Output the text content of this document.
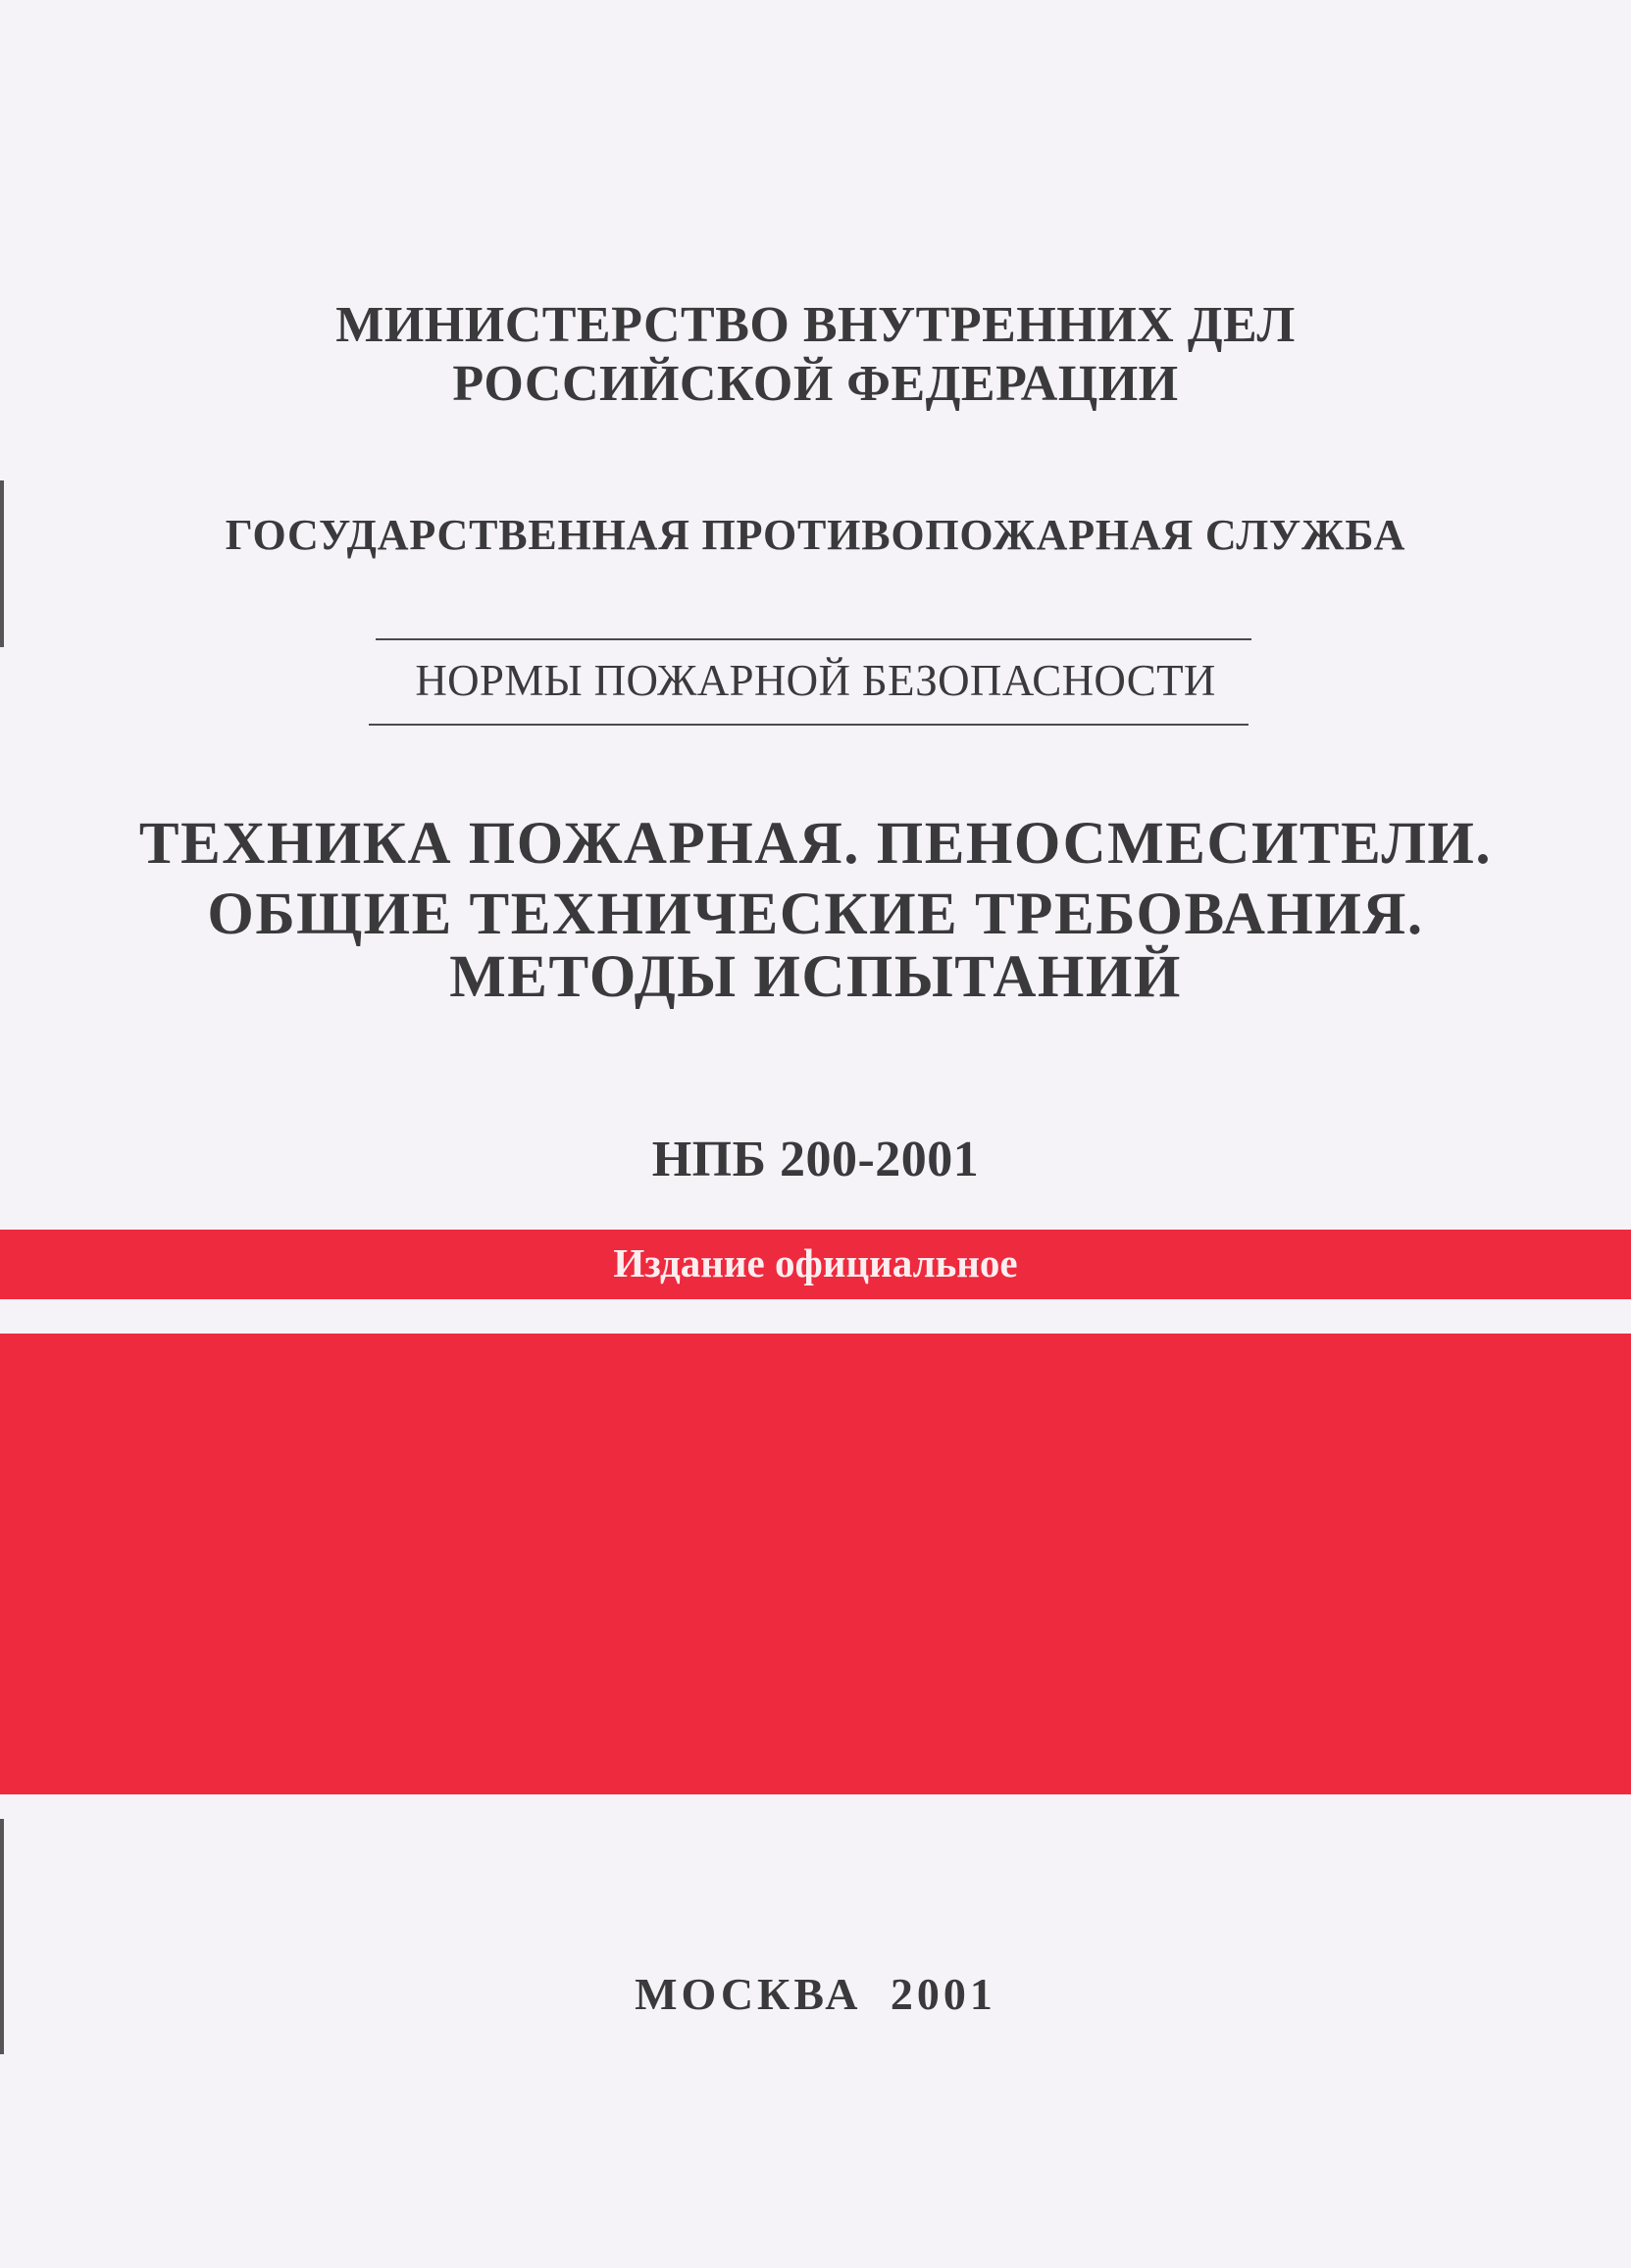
МИНИСТЕРСТВО ВНУТРЕННИХ ДЕЛ
РОССИЙСКОЙ ФЕДЕРАЦИИ
ГОСУДАРСТВЕННАЯ ПРОТИВОПОЖАРНАЯ СЛУЖБА
НОРМЫ ПОЖАРНОЙ БЕЗОПАСНОСТИ
ТЕХНИКА ПОЖАРНАЯ. ПЕНОСМЕСИТЕЛИ.
ОБЩИЕ ТЕХНИЧЕСКИЕ ТРЕБОВАНИЯ.
МЕТОДЫ ИСПЫТАНИЙ
НПБ 200-2001
Издание официальное
МОСКВА 2001
